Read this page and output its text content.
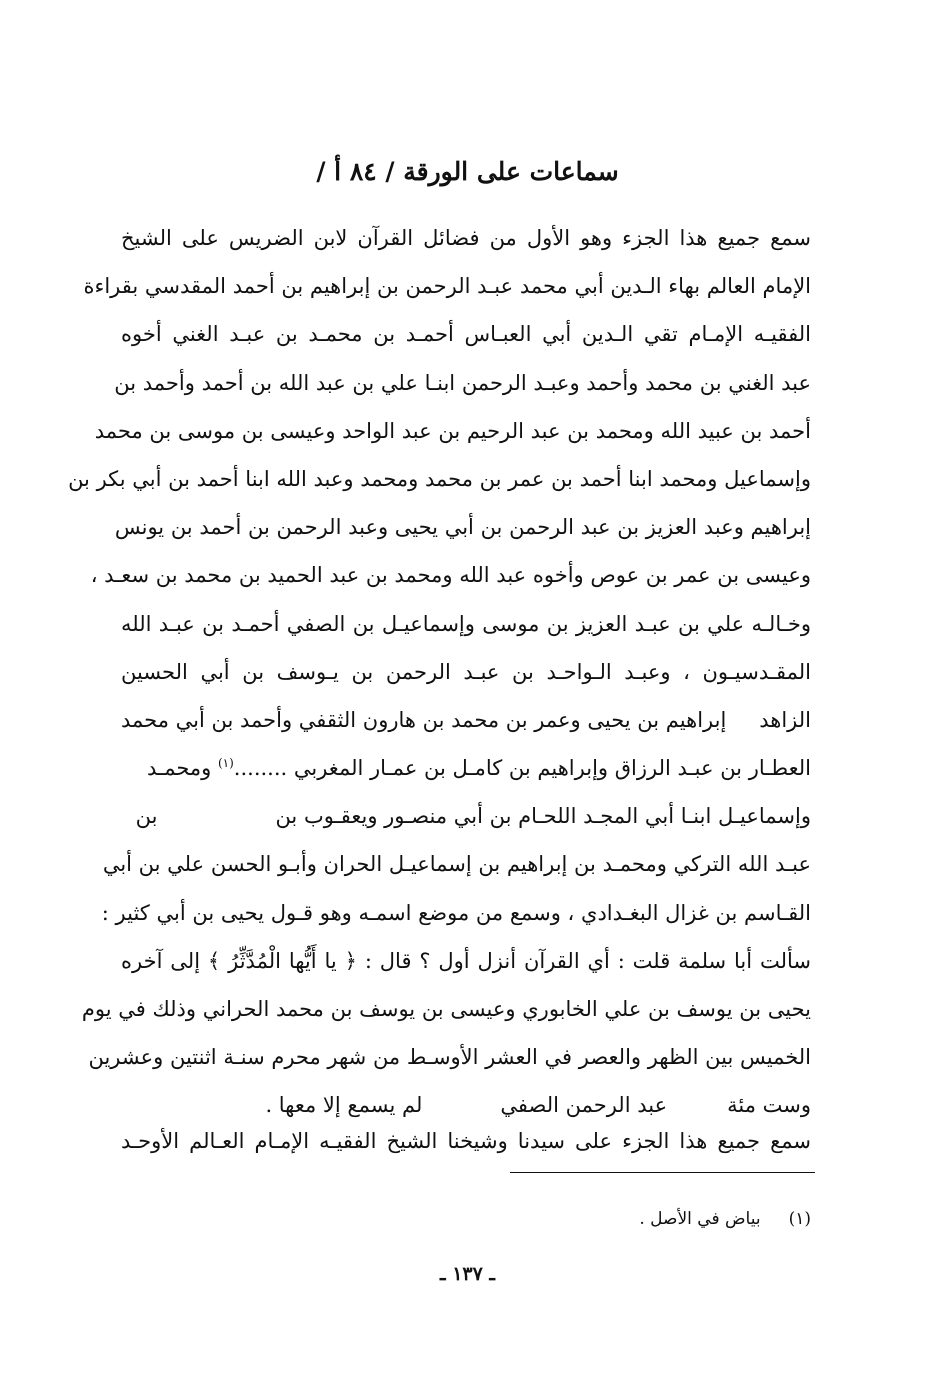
سماعات على الورقة / ٨٤ أ /
سمع جميع هذا الجزء وهو الأول من فضائل القرآن لابن الضريس على الشيخ
الإمام العالم بهاء الـدين أبي محمد عبـد الرحمن بن إبراهيم بن أحمد المقدسي بقراءة
الفقيـه الإمـام تقي الـدين أبي العبـاس أحمـد بن محمـد بن عبـد الغني أخوه
عبد الغني بن محمد وأحمد وعبـد الرحمن ابنـا علي بن عبد الله بن أحمد وأحمد بن
أحمد بن عبيد الله ومحمد بن عبد الرحيم بن عبد الواحد وعيسى بن موسى بن محمد
وإسماعيل ومحمد ابنا أحمد بن عمر بن محمد ومحمد وعبد الله ابنا أحمد بن أبي بكر بن
إبراهيم وعبد العزيز بن عبد الرحمن بن أبي يحيى وعبد الرحمن بن أحمد بن يونس
وعيسى بن عمر بن عوص وأخوه عبد الله ومحمد بن عبد الحميد بن محمد بن سعـد ،
وخـالـه علي بن عبـد العزيز بن موسى وإسماعيـل بن الصفي أحمـد بن عبـد الله
المقـدسيـون ، وعبـد الـواحـد بن عبـد الرحمن بن يـوسف بن أبي الحسين
الزاهد
إبراهيم بن يحيى وعمر بن محمد بن هارون الثقفي وأحمد بن أبي محمد
العطـار بن عبـد الرزاق وإبراهيم بن كامـل بن عمـار المغربي ........$^{(١)}$ ومحمـد
وإسماعيـل ابنـا أبي المجـد اللحـام بن أبي منصـور ويعقـوب بن
بن
عبـد الله التركي ومحمـد بن إبراهيم بن إسماعيـل الحران وأبـو الحسن علي بن أبي
القـاسم بن غزال البغـدادي ، وسمع من موضع اسمـه وهو قـول يحيى بن أبي كثير :
سألت أبا سلمة قلت : أي القرآن أنزل أول ؟ قال : ﴿ يا أَيُّها الْمُدَّثِّرُ ﴾ إلى آخره
يحيى بن يوسف بن علي الخابوري وعيسى بن يوسف بن محمد الحراني وذلك في يوم
الخميس بين الظهر والعصر في العشر الأوسـط من شهر محرم سنـة اثنتين وعشرين
وست مئة
عبد الرحمن الصفي
لم يسمع إلا معها .
سمع جميع هذا الجزء على سيدنا وشيخنا الشيخ الفقيـه الإمـام العـالم الأوحـد
(١)بياض في الأصل .
ـ ١٣٧ ـ
